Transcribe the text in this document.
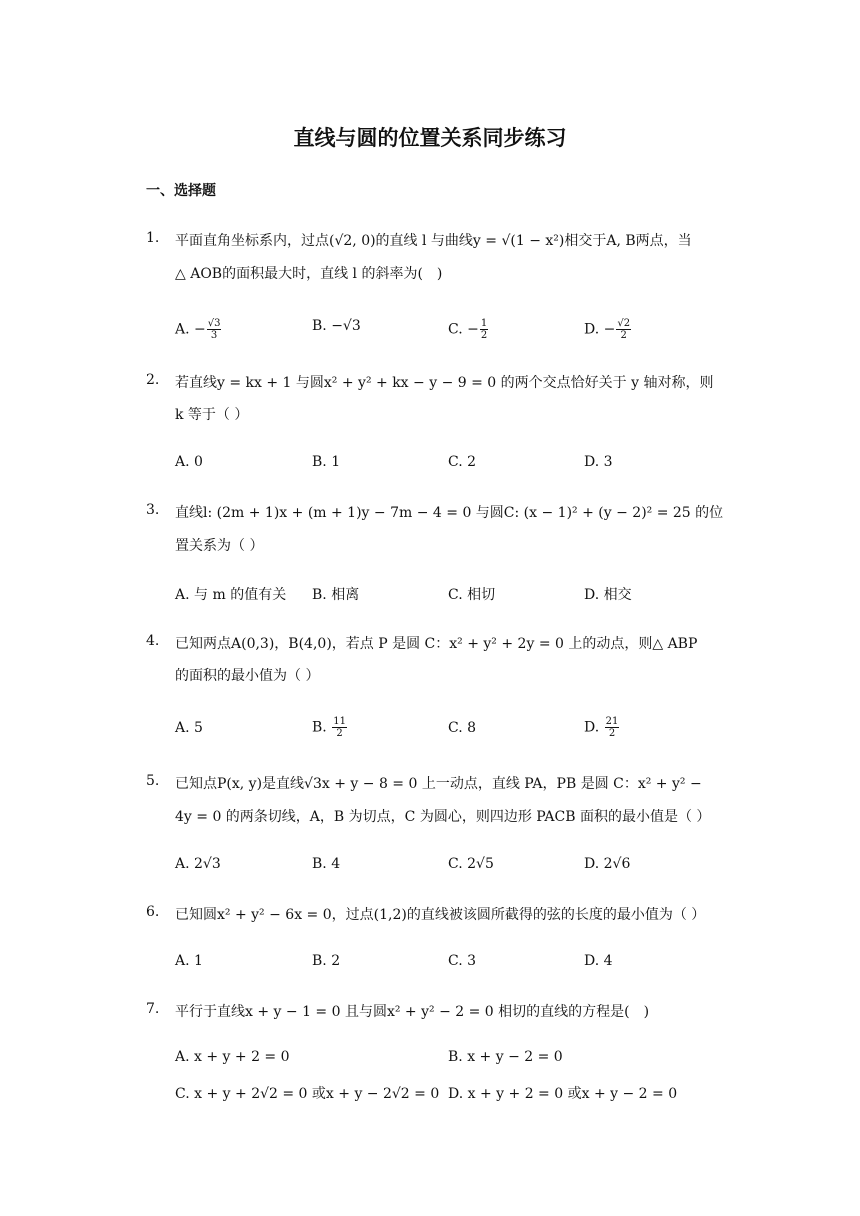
直线与圆的位置关系同步练习
一、选择题
1. 平面直角坐标系内，过点(√2, 0)的直线 l 与曲线y = √(1 − x²)相交于A, B两点，当
△ AOB的面积最大时，直线 l 的斜率为(　)
A. − $\frac{√3}{3}$	B. −√3	C. − $\frac{1}{2}$	D. − $\frac{√2}{2}$
2. 若直线y = kx + 1 与圆x² + y² + kx − y − 9 = 0 的两个交点恰好关于 y 轴对称，则
k 等于（ ）
A. 0	B. 1	C. 2	D. 3
3. 直线l: (2m + 1)x + (m + 1)y − 7m − 4 = 0 与圆C: (x − 1)² + (y − 2)² = 25 的位
置关系为（ ）
A. 与 m 的值有关 B. 相离	C. 相切	D. 相交
4. 已知两点A(0,3)，B(4,0)，若点 P 是圆 C：x² + y² + 2y = 0 上的动点，则△ ABP
的面积的最小值为（ ）
A. 5	B. $\frac{11}{2}$	C. 8	D. $\frac{21}{2}$
5. 已知点P(x, y)是直线√3x + y − 8 = 0 上一动点，直线 PA，PB 是圆 C：x² + y² −
4y = 0 的两条切线，A，B 为切点，C 为圆心，则四边形 PACB 面积的最小值是（ ）
A. 2√3	B. 4	C. 2√5	D. 2√6
6. 已知圆x² + y² − 6x = 0，过点(1,2)的直线被该圆所截得的弦的长度的最小值为（ ）
A. 1	B. 2	C. 3	D. 4
7. 平行于直线x + y − 1 = 0 且与圆x² + y² − 2 = 0 相切的直线的方程是(　)
A. x + y + 2 = 0	B. x + y − 2 = 0
C. x + y + 2√2 = 0 或x + y − 2√2 = 0 D. x + y + 2 = 0 或x + y − 2 = 0
